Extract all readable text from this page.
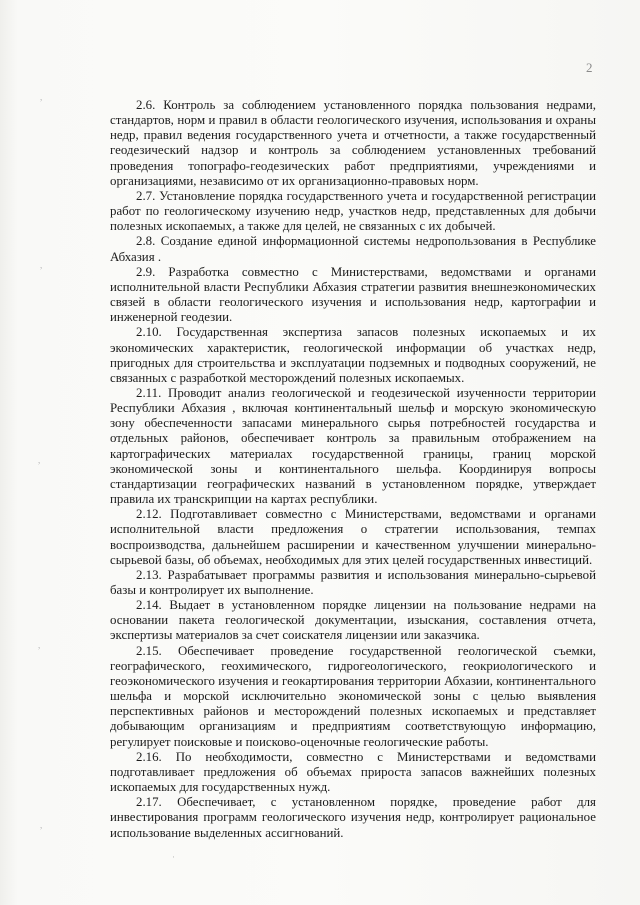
2
,
,
,
,
,
·

2.6. Контроль за соблюдением установленного порядка пользования недрами, стандартов, норм и правил в области геологического изучения, использования и охраны недр, правил ведения государственного учета и отчетности, а также государственный геодезический надзор и контроль за соблюдением установленных требований проведения топографо-геодезических работ предприятиями, учреждениями и организациями, независимо от их организационно-правовых норм.

2.7. Установление порядка государственного учета и государственной регистрации работ по геологическому изучению недр, участков недр, представленных для добычи полезных ископаемых, а также для целей, не связанных с их добычей.

2.8. Создание единой информационной системы недропользования в Республике Абхазия .

2.9. Разработка совместно с Министерствами, ведомствами и органами исполнительной власти Республики Абхазия стратегии развития внешнеэкономических связей в области геологического изучения и использования недр, картографии и инженерной геодезии.

2.10. Государственная экспертиза запасов полезных ископаемых и их экономических характеристик, геологической информации об участках недр, пригодных для строительства и эксплуатации подземных и подводных сооружений, не связанных с разработкой месторождений полезных ископаемых.

2.11. Проводит анализ геологической и геодезической изученности территории Республики Абхазия , включая континентальный шельф и морскую экономическую зону обеспеченности запасами минерального сырья потребностей государства и отдельных районов, обеспечивает контроль за правильным отображением на картографических материалах государственной границы, границ морской экономической зоны и континентального шельфа. Координируя вопросы стандартизации географических названий в установленном порядке, утверждает правила их транскрипции на картах республики.

2.12. Подготавливает совместно с Министерствами, ведомствами и органами исполнительной власти предложения о стратегии использования, темпах воспроизводства, дальнейшем расширении и качественном улучшении минерально-сырьевой базы, об объемах, необходимых для этих целей государственных инвестиций.

2.13. Разрабатывает программы развития и использования минерально-сырьевой базы и контролирует их выполнение.

2.14. Выдает в установленном порядке лицензии на пользование недрами на основании пакета геологической документации, изыскания, составления отчета, экспертизы материалов за счет соискателя лицензии или заказчика.

2.15. Обеспечивает проведение государственной геологической съемки, географического, геохимического, гидрогеологического, геокриологического и геоэкономического изучения и геокартирования территории Абхазии, континентального шельфа и морской исключительно экономической зоны с целью выявления перспективных районов и месторождений полезных ископаемых и представляет добывающим организациям и предприятиям соответствующую информацию, регулирует поисковые и поисково-оценочные геологические работы.

2.16. По необходимости, совместно с Министерствами и ведомствами подготавливает предложения об объемах прироста запасов важнейших полезных ископаемых для государственных нужд.

2.17. Обеспечивает, с установленном порядке, проведение работ для инвестирования программ геологического изучения недр, контролирует рациональное использование выделенных ассигнований.
